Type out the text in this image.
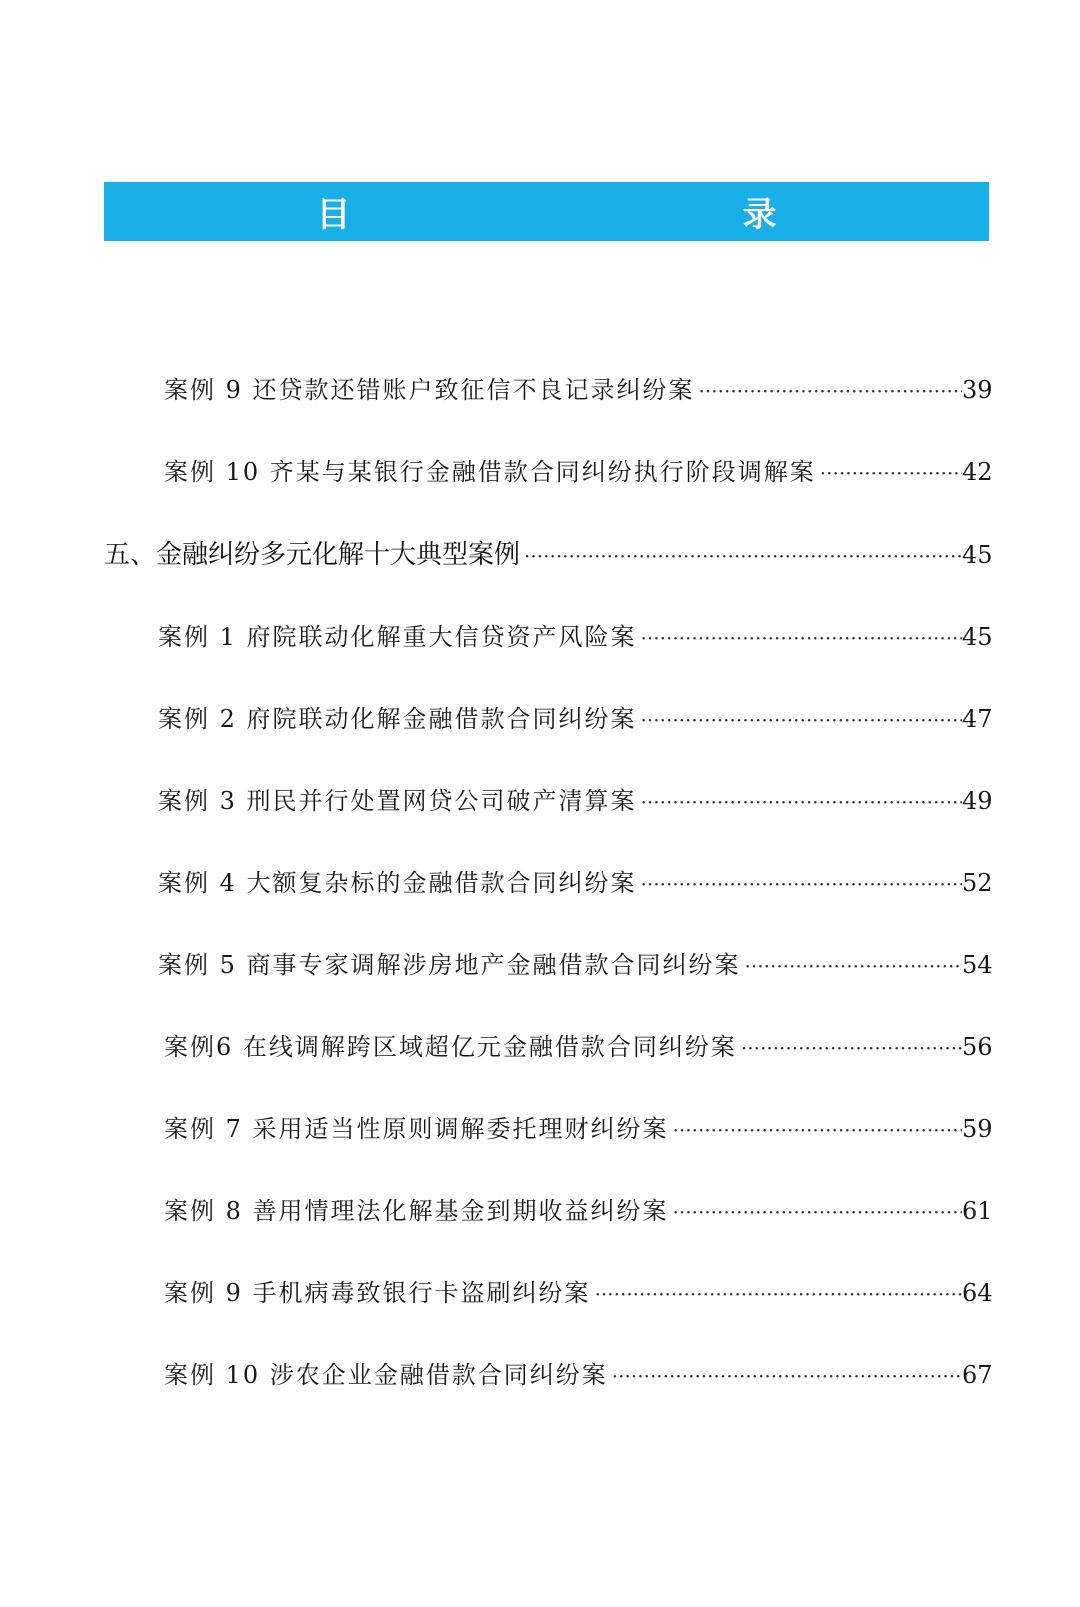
目　　录
案例 9 还贷款还错账户致征信不良记录纠纷案 ·····	39
案例 10 齐某与某银行金融借款合同纠纷执行阶段调解案 ·····	42
五、 金融纠纷多元化解十大典型案例 ·····	45
案例 1 府院联动化解重大信贷资产风险案 ·····	45
案例 2 府院联动化解金融借款合同纠纷案 ·····	47
案例 3 刑民并行处置网贷公司破产清算案 ·····	49
案例 4 大额复杂标的金融借款合同纠纷案 ·····	52
案例 5 商事专家调解涉房地产金融借款合同纠纷案 ·····	54
案例6 在线调解跨区域超亿元金融借款合同纠纷案 ·····	56
案例 7 采用适当性原则调解委托理财纠纷案 ·····	59
案例 8 善用情理法化解基金到期收益纠纷案 ·····	61
案例 9 手机病毒致银行卡盗刷纠纷案 ·····	64
案例 10 涉农企业金融借款合同纠纷案 ·····	67
